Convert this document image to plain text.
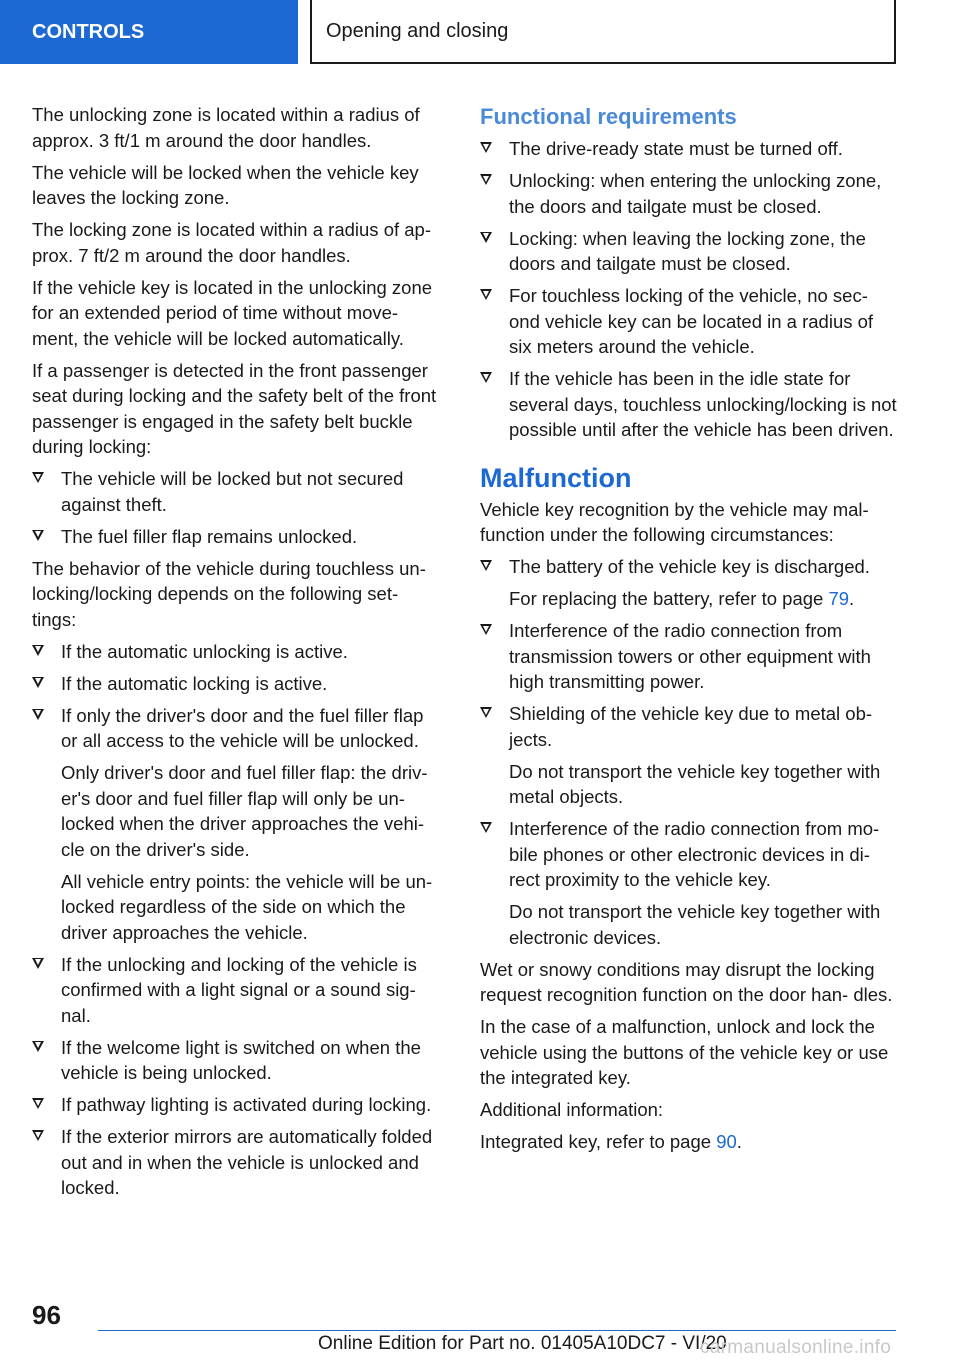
CONTROLS	Opening and closing

The unlocking zone is located within a radius of approx. 3 ft/1 m around the door handles.

The vehicle will be locked when the vehicle key leaves the locking zone.

The locking zone is located within a radius of ap‐ prox. 7 ft/2 m around the door handles.

If the vehicle key is located in the unlocking zone for an extended period of time without move‐ ment, the vehicle will be locked automatically.

If a passenger is detected in the front passenger seat during locking and the safety belt of the front passenger is engaged in the safety belt buckle during locking:

The vehicle will be locked but not secured against theft.
The fuel filler flap remains unlocked.

The behavior of the vehicle during touchless un‐ locking/locking depends on the following set‐ tings:

If the automatic unlocking is active.
If the automatic locking is active.
If only the driver's door and the fuel filler flap or all access to the vehicle will be unlocked.
Only driver's door and fuel filler flap: the driv‐ er's door and fuel filler flap will only be un‐ locked when the driver approaches the vehi‐ cle on the driver's side.
All vehicle entry points: the vehicle will be un‐ locked regardless of the side on which the driver approaches the vehicle.
If the unlocking and locking of the vehicle is confirmed with a light signal or a sound sig‐ nal.
If the welcome light is switched on when the vehicle is being unlocked.
If pathway lighting is activated during locking.
If the exterior mirrors are automatically folded out and in when the vehicle is unlocked and locked.
Functional requirements
The drive-ready state must be turned off.
Unlocking: when entering the unlocking zone, the doors and tailgate must be closed.
Locking: when leaving the locking zone, the doors and tailgate must be closed.
For touchless locking of the vehicle, no sec‐ ond vehicle key can be located in a radius of six meters around the vehicle.
If the vehicle has been in the idle state for several days, touchless unlocking/locking is not possible until after the vehicle has been driven.
Malfunction

Vehicle key recognition by the vehicle may mal‐ function under the following circumstances:

The battery of the vehicle key is discharged.
For replacing the battery, refer to page 79.
Interference of the radio connection from transmission towers or other equipment with high transmitting power.
Shielding of the vehicle key due to metal ob‐ jects.
Do not transport the vehicle key together with metal objects.
Interference of the radio connection from mo‐ bile phones or other electronic devices in di‐ rect proximity to the vehicle key.
Do not transport the vehicle key together with electronic devices.

Wet or snowy conditions may disrupt the locking request recognition function on the door han‐ dles.

In the case of a malfunction, unlock and lock the vehicle using the buttons of the vehicle key or use the integrated key.

Additional information:

Integrated key, refer to page 90.

96
Online Edition for Part no. 01405A10DC7 - VI/20
carmanualsonline.info
